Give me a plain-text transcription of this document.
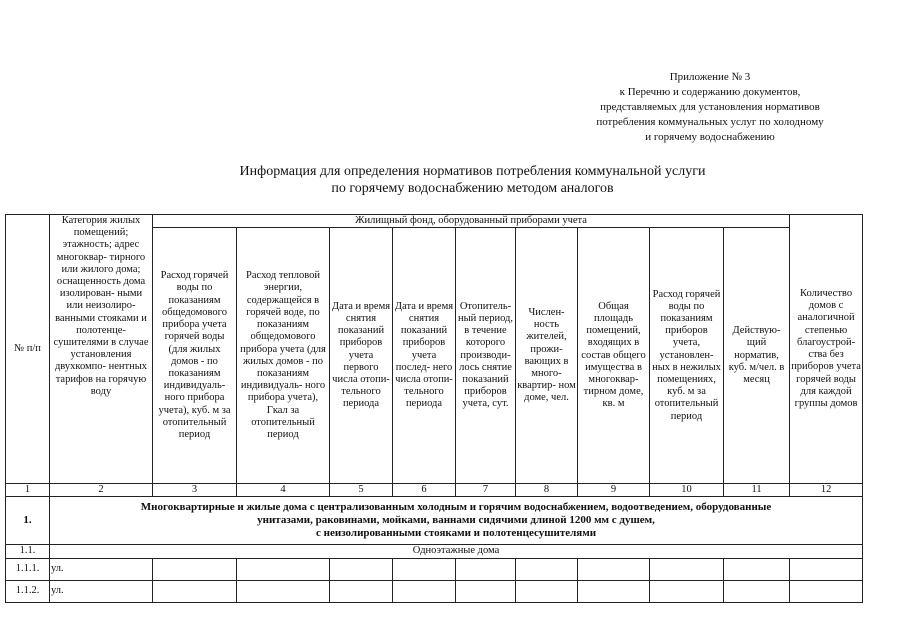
Приложение № 3
к Перечню и содержанию документов,
представляемых для установления нормативов
потребления коммунальных услуг по холодному
и горячему водоснабжению
Информация для определения нормативов потребления коммунальной услуги
по горячему водоснабжению методом аналогов
№ п/п	Категория жилых помещений; этажность; адрес многоквар- тирного или жилого дома; оснащенность дома изолирован- ными или неизолиро- ванными стояками и полотенце- сушителями в случае установления двухкомпо- нентных тарифов на горячую воду	Жилищный фонд, оборудованный приборами учета									Количество домов с аналогичной степенью благоустрой- ства без приборов учета горячей воды для каждой группы домов
		Расход горячей воды по показаниям общедомового прибора учета горячей воды (для жилых домов - по показаниям индивидуаль- ного прибора учета), куб. м за отопительный период	Расход тепловой энергии, содержащейся в горячей воде, по показаниям общедомового прибора учета (для жилых домов - по показаниям индивидуаль- ного прибора учета), Гкал за отопительный период	Дата и время снятия показаний приборов учета первого числа отопи- тельного периода	Дата и время снятия показаний приборов учета послед- него числа отопи- тельного периода	Отопитель- ный период, в течение которого производи- лось снятие показаний приборов учета, сут.	Числен- ность жителей, прожи- вающих в много- квартир- ном доме, чел.	Общая площадь помещений, входящих в состав общего имущества в многоквар- тирном доме, кв. м	Расход горячей воды по показаниям приборов учета, установлен- ных в нежилых помещениях, куб. м за отопительный период	Действую- щий норматив, куб. м/чел. в месяц	
1	2	3	4	5	6	7	8	9	10	11	12
1.	Многоквартирные и жилые дома с централизованным холодным и горячим водоснабжением, водоотведением, оборудованные
унитазами, раковинами, мойками, ваннами сидячими длиной 1200 мм с душем,
с неизолированными стояками и полотенцесушителями										

1.1.	Одноэтажные дома										
1.1.1.	ул.										
1.1.2.	ул.										
